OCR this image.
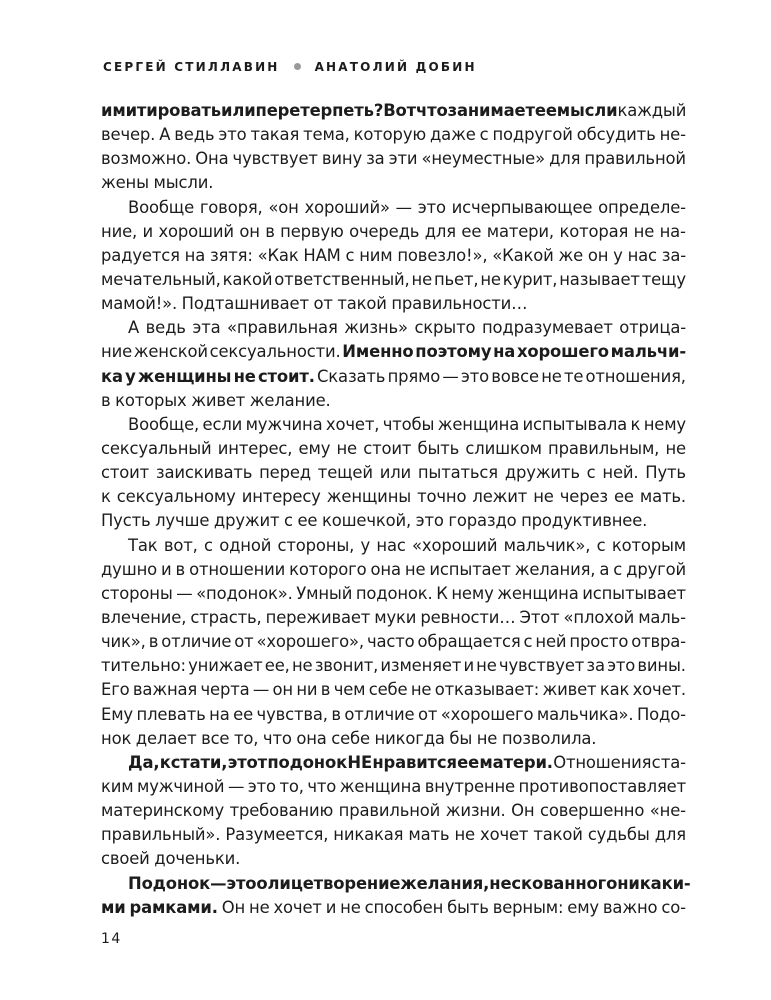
СЕРГЕЙ СТИЛЛАВИН	АНАТОЛИЙ ДОБИН
имитировать или перетерпеть? Вот что занимает ее мысли каждый
вечер. А ведь это такая тема, которую даже с подругой обсудить не-
возможно. Она чувствует вину за эти «неуместные» для правильной
жены мысли.
Вообще говоря, «он хороший» — это исчерпывающее определе-
ние, и хороший он в первую очередь для ее матери, которая не на-
радуется на зятя: «Как НАМ с ним повезло!», «Какой же он у нас за-
мечательный, какой ответственный, не пьет, не курит, называет тещу
мамой!». Подташнивает от такой правильности…
А ведь эта «правильная жизнь» скрыто подразумевает отрица-
ние женской сексуальности. Именно поэтому на хорошего мальчи-
ка у женщины не стоит. Сказать прямо — это вовсе не те отношения,
в которых живет желание.
Вообще, если мужчина хочет, чтобы женщина испытывала к нему
сексуальный интерес, ему не стоит быть слишком правильным, не
стоит заискивать перед тещей или пытаться дружить с ней. Путь
к сексуальному интересу женщины точно лежит не через ее мать.
Пусть лучше дружит с ее кошечкой, это гораздо продуктивнее.
Так вот, с одной стороны, у нас «хороший мальчик», с которым
душно и в отношении которого она не испытает желания, а с другой
стороны — «подонок». Умный подонок. К нему женщина испытывает
влечение, страсть, переживает муки ревности… Этот «плохой маль-
чик», в отличие от «хорошего», часто обращается с ней просто отвра-
тительно: унижает ее, не звонит, изменяет и не чувствует за это вины.
Его важная черта — он ни в чем себе не отказывает: живет как хочет.
Ему плевать на ее чувства, в отличие от «хорошего мальчика». Подо-
нок делает все то, что она себе никогда бы не позволила.
Да, кстати, этот подонок НЕ нравится ее матери. Отношения с та-
ким мужчиной — это то, что женщина внутренне противопоставляет
материнскому требованию правильной жизни. Он совершенно «не-
правильный». Разумеется, никакая мать не хочет такой судьбы для
своей доченьки.
Подонок — это олицетворение желания, не скованного никаки-
ми рамками. Он не хочет и не способен быть верным: ему важно со-
14
